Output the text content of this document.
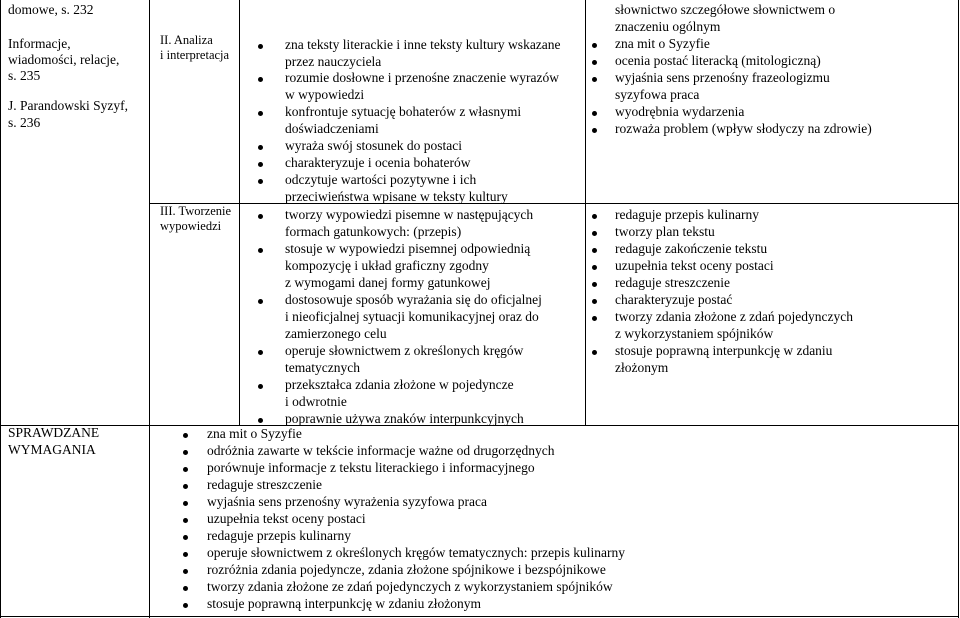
domowe, s. 232
Informacje,
wiadomości, relacje,
s. 235
J. Parandowski Syzyf,
s. 236
SPRAWDZANE
WYMAGANIA
II. Analiza
i interpretacja
III. Tworzenie
wypowiedzi
zna teksty literackie i inne teksty kultury wskazane
przez nauczyciela
rozumie dosłowne i przenośne znaczenie wyrazów
w wypowiedzi
konfrontuje sytuację bohaterów z własnymi
doświadczeniami
wyraża swój stosunek do postaci
charakteryzuje i ocenia bohaterów
odczytuje wartości pozytywne i ich
przeciwieństwa wpisane w teksty kultury
tworzy wypowiedzi pisemne w następujących
formach gatunkowych: (przepis)
stosuje w wypowiedzi pisemnej odpowiednią
kompozycję i układ graficzny zgodny
z wymogami danej formy gatunkowej
dostosowuje sposób wyrażania się do oficjalnej
i nieoficjalnej sytuacji komunikacyjnej oraz do
zamierzonego celu
operuje słownictwem z określonych kręgów
tematycznych
przekształca zdania złożone w pojedyncze
i odwrotnie
poprawnie używa znaków interpunkcyjnych
słownictwo szczegółowe słownictwem o
znaczeniu ogólnym
zna mit o Syzyfie
ocenia postać literacką (mitologiczną)
wyjaśnia sens przenośny frazeologizmu
syzyfowa praca
wyodrębnia wydarzenia
rozważa problem (wpływ słodyczy na zdrowie)
redaguje przepis kulinarny
tworzy plan tekstu
redaguje zakończenie tekstu
uzupełnia tekst oceny postaci
redaguje streszczenie
charakteryzuje postać
tworzy zdania złożone z zdań pojedynczych
z wykorzystaniem spójników
stosuje poprawną interpunkcję w zdaniu
złożonym
zna mit o Syzyfie
odróżnia zawarte w tekście informacje ważne od drugorzędnych
porównuje informacje z tekstu literackiego i informacyjnego
redaguje streszczenie
wyjaśnia sens przenośny wyrażenia syzyfowa praca
uzupełnia tekst oceny postaci
redaguje przepis kulinarny
operuje słownictwem z określonych kręgów tematycznych: przepis kulinarny
rozróżnia zdania pojedyncze, zdania złożone spójnikowe i bezspójnikowe
tworzy zdania złożone ze zdań pojedynczych z wykorzystaniem spójników
stosuje poprawną interpunkcję w zdaniu złożonym
